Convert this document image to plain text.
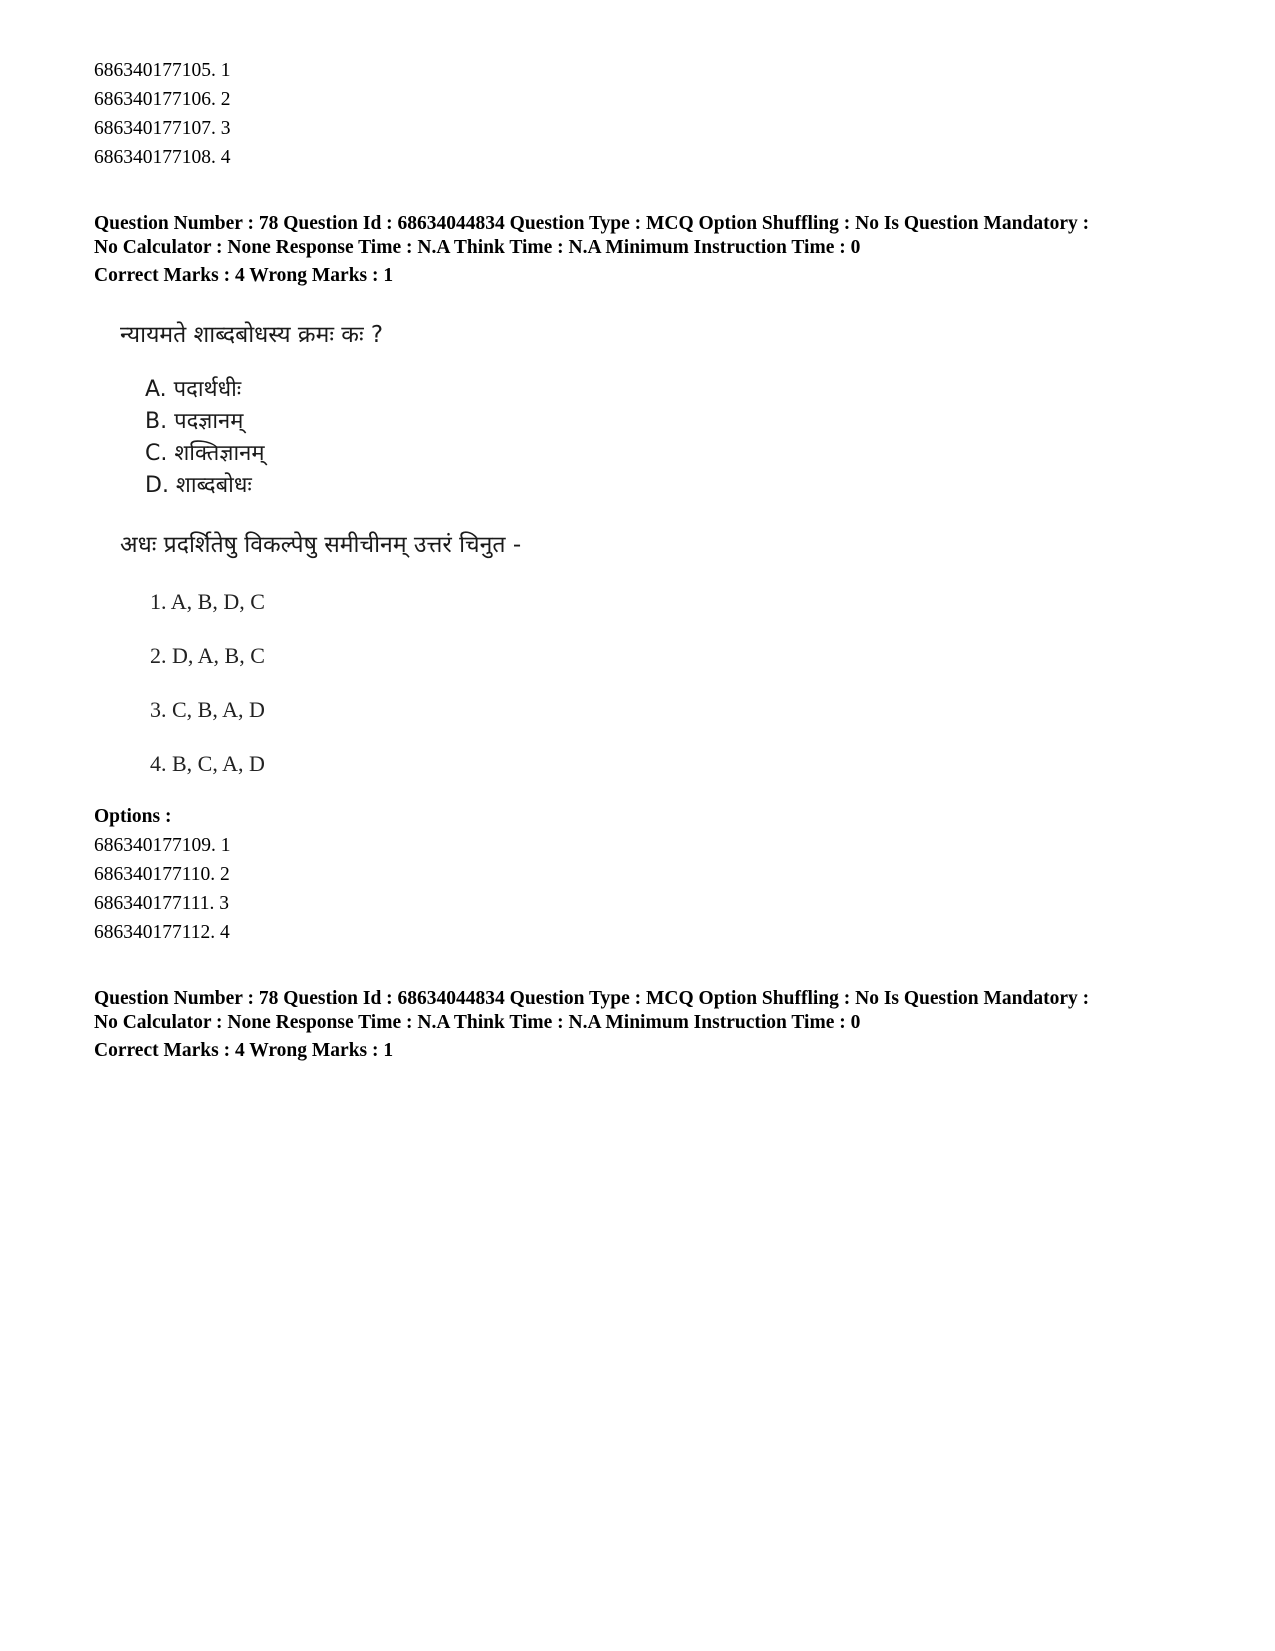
686340177105. 1
686340177106. 2
686340177107. 3
686340177108. 4
Question Number : 78 Question Id : 68634044834 Question Type : MCQ Option Shuffling : No Is Question Mandatory :
No Calculator : None Response Time : N.A Think Time : N.A Minimum Instruction Time : 0
Correct Marks : 4 Wrong Marks : 1
न्यायमते शाब्दबोधस्य क्रमः कः ?
A. पदार्थधीः
B. पदज्ञानम्
C. शक्तिज्ञानम्
D. शाब्दबोधः
अधः प्रदर्शितेषु विकल्पेषु समीचीनम् उत्तरं चिनुत -
1. A, B, D, C
2. D, A, B, C
3. C, B, A, D
4. B, C, A, D
Options :
686340177109. 1
686340177110. 2
686340177111. 3
686340177112. 4
Question Number : 78 Question Id : 68634044834 Question Type : MCQ Option Shuffling : No Is Question Mandatory :
No Calculator : None Response Time : N.A Think Time : N.A Minimum Instruction Time : 0
Correct Marks : 4 Wrong Marks : 1
